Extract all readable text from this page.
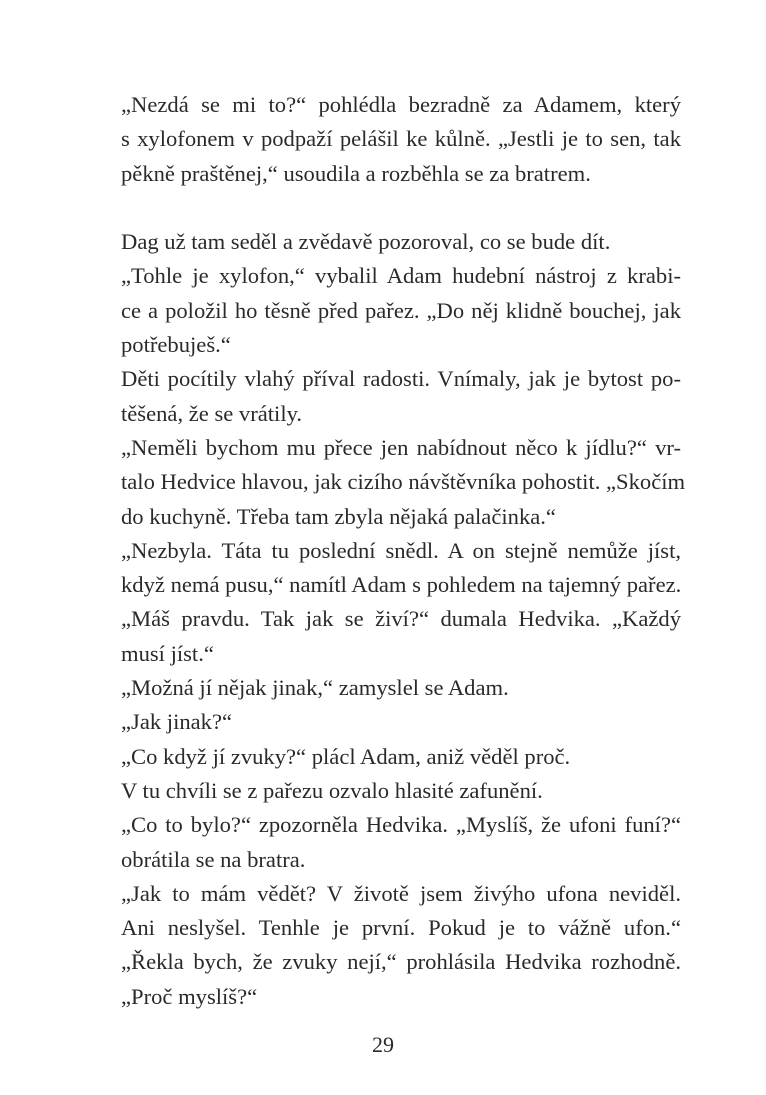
„Nezdá se mi to?“ pohlédla bezradně za Adamem, který
s xylofonem v podpaží pelášil ke kůlně. „Jestli je to sen, tak
pěkně praštěnej,“ usoudila a rozběhla se za bratrem.
Dag už tam seděl a zvědavě pozoroval, co se bude dít.
„Tohle je xylofon,“ vybalil Adam hudební nástroj z krabi-
ce a položil ho těsně před pařez. „Do něj klidně bouchej, jak
potřebuješ.“
Děti pocítily vlahý příval radosti. Vnímaly, jak je bytost po-
těšená, že se vrátily.
„Neměli bychom mu přece jen nabídnout něco k jídlu?“ vr-
talo Hedvice hlavou, jak cizího návštěvníka pohostit. „Skočím
do kuchyně. Třeba tam zbyla nějaká palačinka.“
„Nezbyla. Táta tu poslední snědl. A on stejně nemůže jíst,
když nemá pusu,“ namítl Adam s pohledem na tajemný pařez.
„Máš pravdu. Tak jak se živí?“ dumala Hedvika. „Každý
musí jíst.“
„Možná jí nějak jinak,“ zamyslel se Adam.
„Jak jinak?“
„Co když jí zvuky?“ plácl Adam, aniž věděl proč.
V tu chvíli se z pařezu ozvalo hlasité zafunění.
„Co to bylo?“ zpozorněla Hedvika. „Myslíš, že ufoni funí?“
obrátila se na bratra.
„Jak to mám vědět? V životě jsem živýho ufona neviděl.
Ani neslyšel. Tenhle je první. Pokud je to vážně ufon.“
„Řekla bych, že zvuky nejí,“ prohlásila Hedvika rozhodně.
„Proč myslíš?“
29
